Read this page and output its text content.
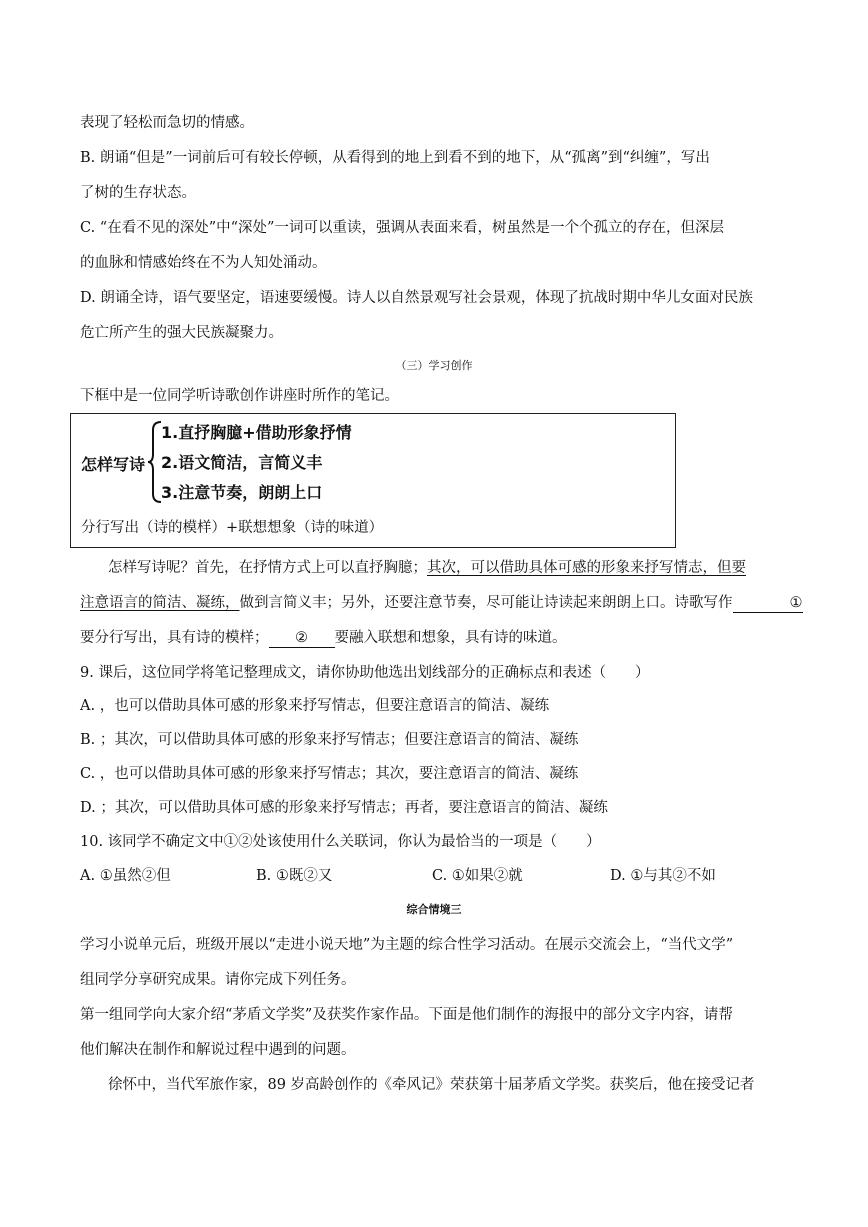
表现了轻松而急切的情感。
B. 朗诵“但是”一词前后可有较长停顿，从看得到的地上到看不到的地下，从“孤离”到“纠缠”，写出
了树的生存状态。
C. “在看不见的深处”中“深处”一词可以重读，强调从表面来看，树虽然是一个个孤立的存在，但深层
的血脉和情感始终在不为人知处涌动。
D. 朗诵全诗，语气要坚定，语速要缓慢。诗人以自然景观写社会景观，体现了抗战时期中华儿女面对民族
危亡所产生的强大民族凝聚力。
（三）学习创作
下框中是一位同学听诗歌创作讲座时所作的笔记。
怎样写诗
1.直抒胸臆+借助形象抒情
2.语文简洁，言简义丰
3.注意节奏，朗朗上口
分行写出（诗的模样）+联想想象（诗的味道）
怎样写诗呢？首先，在抒情方式上可以直抒胸臆；其次，可以借助具体可感的形象来抒写情志，但要
注意语言的简洁、凝练，做到言简义丰；另外，还要注意节奏，尽可能让诗读起来朗朗上口。诗歌写作	①
要分行写出，具有诗的模样； ② 要融入联想和想象，具有诗的味道。
9. 课后，这位同学将笔记整理成文，请你协助他选出划线部分的正确标点和表述（　　）
A. ，也可以借助具体可感的形象来抒写情志，但要注意语言的简洁、凝练
B. ；其次，可以借助具体可感的形象来抒写情志；但要注意语言的简洁、凝练
C. ，也可以借助具体可感的形象来抒写情志；其次，要注意语言的简洁、凝练
D. ；其次，可以借助具体可感的形象来抒写情志；再者，要注意语言的简洁、凝练
10. 该同学不确定文中①②处该使用什么关联词，你认为最恰当的一项是（　　）
A. ①虽然②但	B. ①既②又	C. ①如果②就	D. ①与其②不如
综合情境三
学习小说单元后，班级开展以“走进小说天地”为主题的综合性学习活动。在展示交流会上，“当代文学”
组同学分享研究成果。请你完成下列任务。
第一组同学向大家介绍“茅盾文学奖”及获奖作家作品。下面是他们制作的海报中的部分文字内容，请帮
他们解决在制作和解说过程中遇到的问题。
徐怀中，当代军旅作家，89 岁高龄创作的《牵风记》荣获第十届茅盾文学奖。获奖后，他在接受记者
